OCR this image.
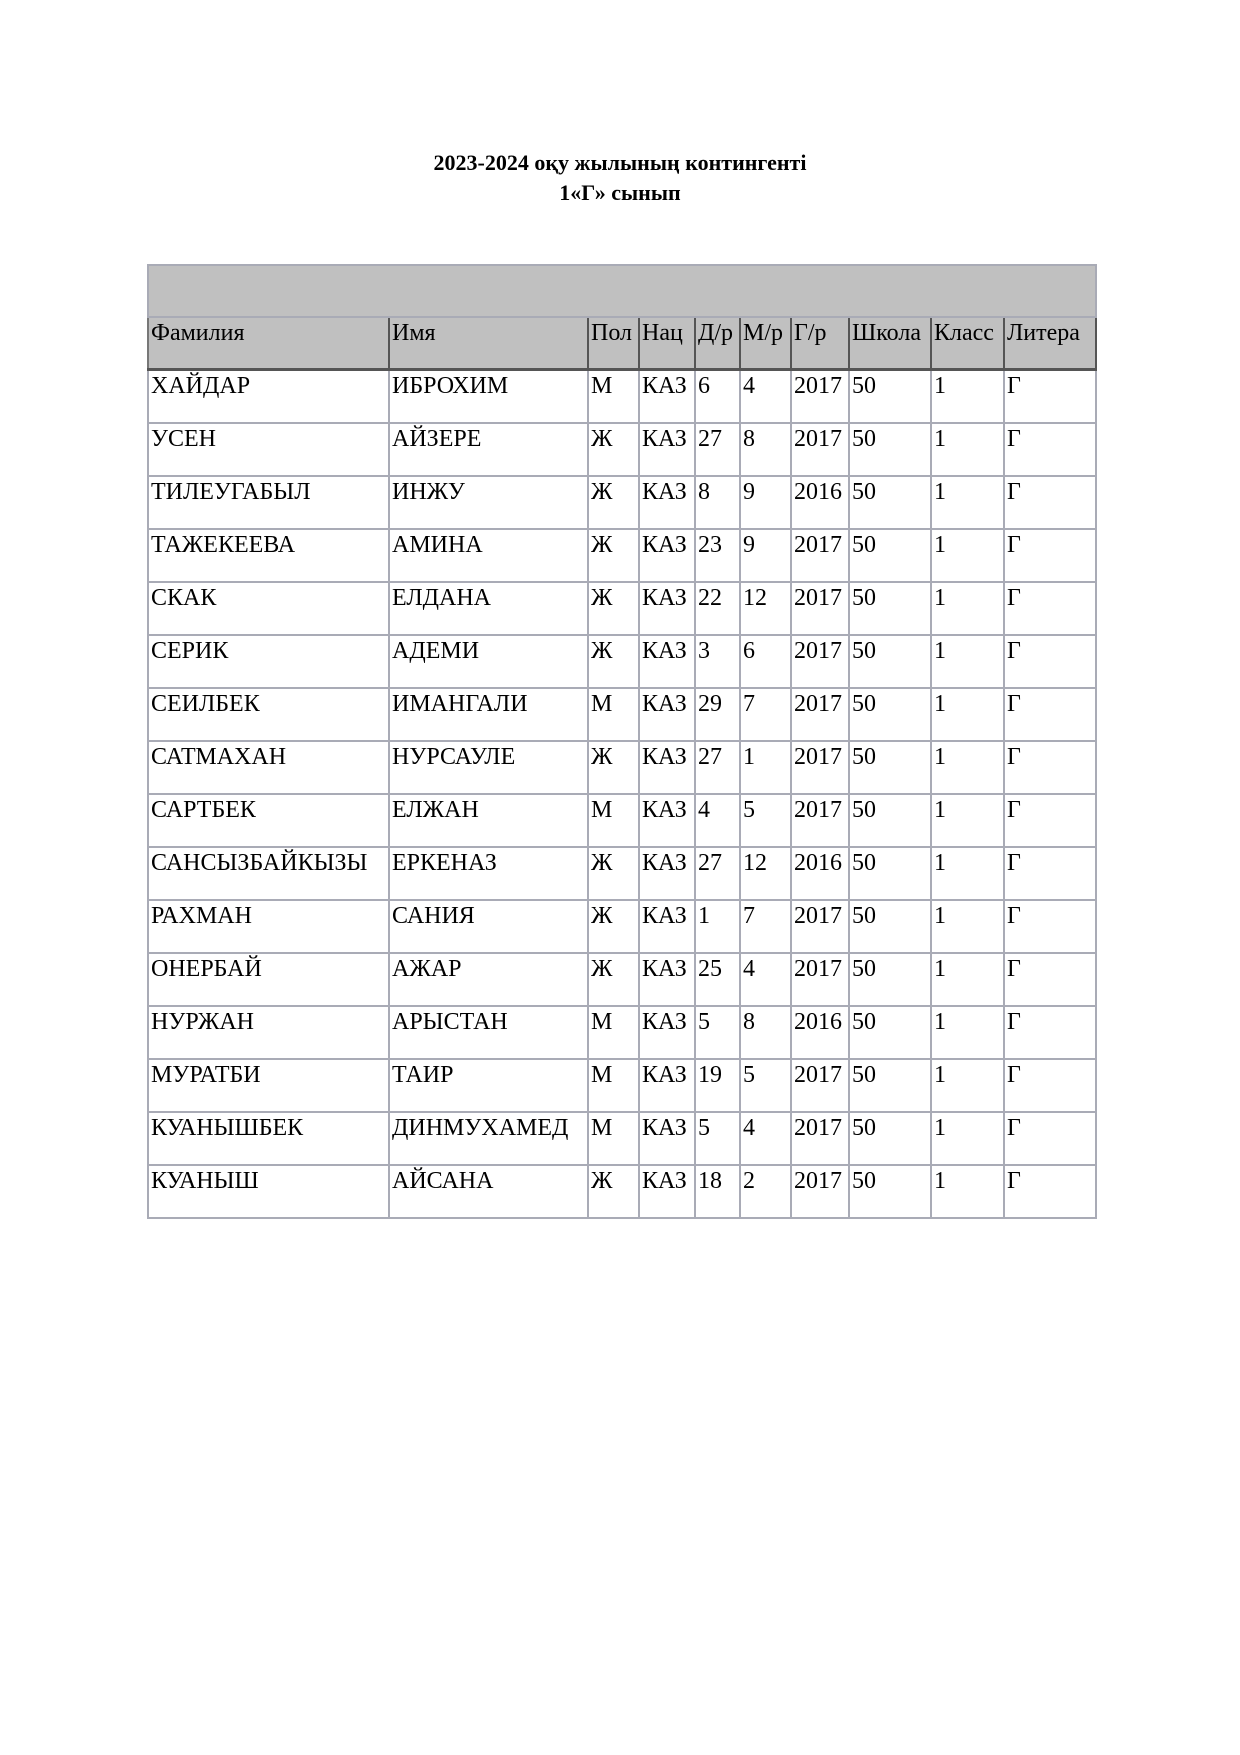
2023-2024 оқу жылының контингенті
1«Г» сынып

Фамилия	Имя	Пол	Нац	Д/р	М/р	Г/р	Школа	Класс	Литера
ХАЙДАР	ИБРОХИМ	М	КАЗ	6	4	2017	50	1	Г
УСЕН	АЙЗЕРЕ	Ж	КАЗ	27	8	2017	50	1	Г
ТИЛЕУГАБЫЛ	ИНЖУ	Ж	КАЗ	8	9	2016	50	1	Г
ТАЖЕКЕЕВА	АМИНА	Ж	КАЗ	23	9	2017	50	1	Г
СКАК	ЕЛДАНА	Ж	КАЗ	22	12	2017	50	1	Г
СЕРИК	АДЕМИ	Ж	КАЗ	3	6	2017	50	1	Г
СЕИЛБЕК	ИМАНГАЛИ	М	КАЗ	29	7	2017	50	1	Г
САТМАХАН	НУРСАУЛЕ	Ж	КАЗ	27	1	2017	50	1	Г
САРТБЕК	ЕЛЖАН	М	КАЗ	4	5	2017	50	1	Г
САНСЫЗБАЙКЫЗЫ	ЕРКЕНАЗ	Ж	КАЗ	27	12	2016	50	1	Г
РАХМАН	САНИЯ	Ж	КАЗ	1	7	2017	50	1	Г
ОНЕРБАЙ	АЖАР	Ж	КАЗ	25	4	2017	50	1	Г
НУРЖАН	АРЫСТАН	М	КАЗ	5	8	2016	50	1	Г
МУРАТБИ	ТАИР	М	КАЗ	19	5	2017	50	1	Г
КУАНЫШБЕК	ДИНМУХАМЕД	М	КАЗ	5	4	2017	50	1	Г
КУАНЫШ	АЙСАНА	Ж	КАЗ	18	2	2017	50	1	Г
